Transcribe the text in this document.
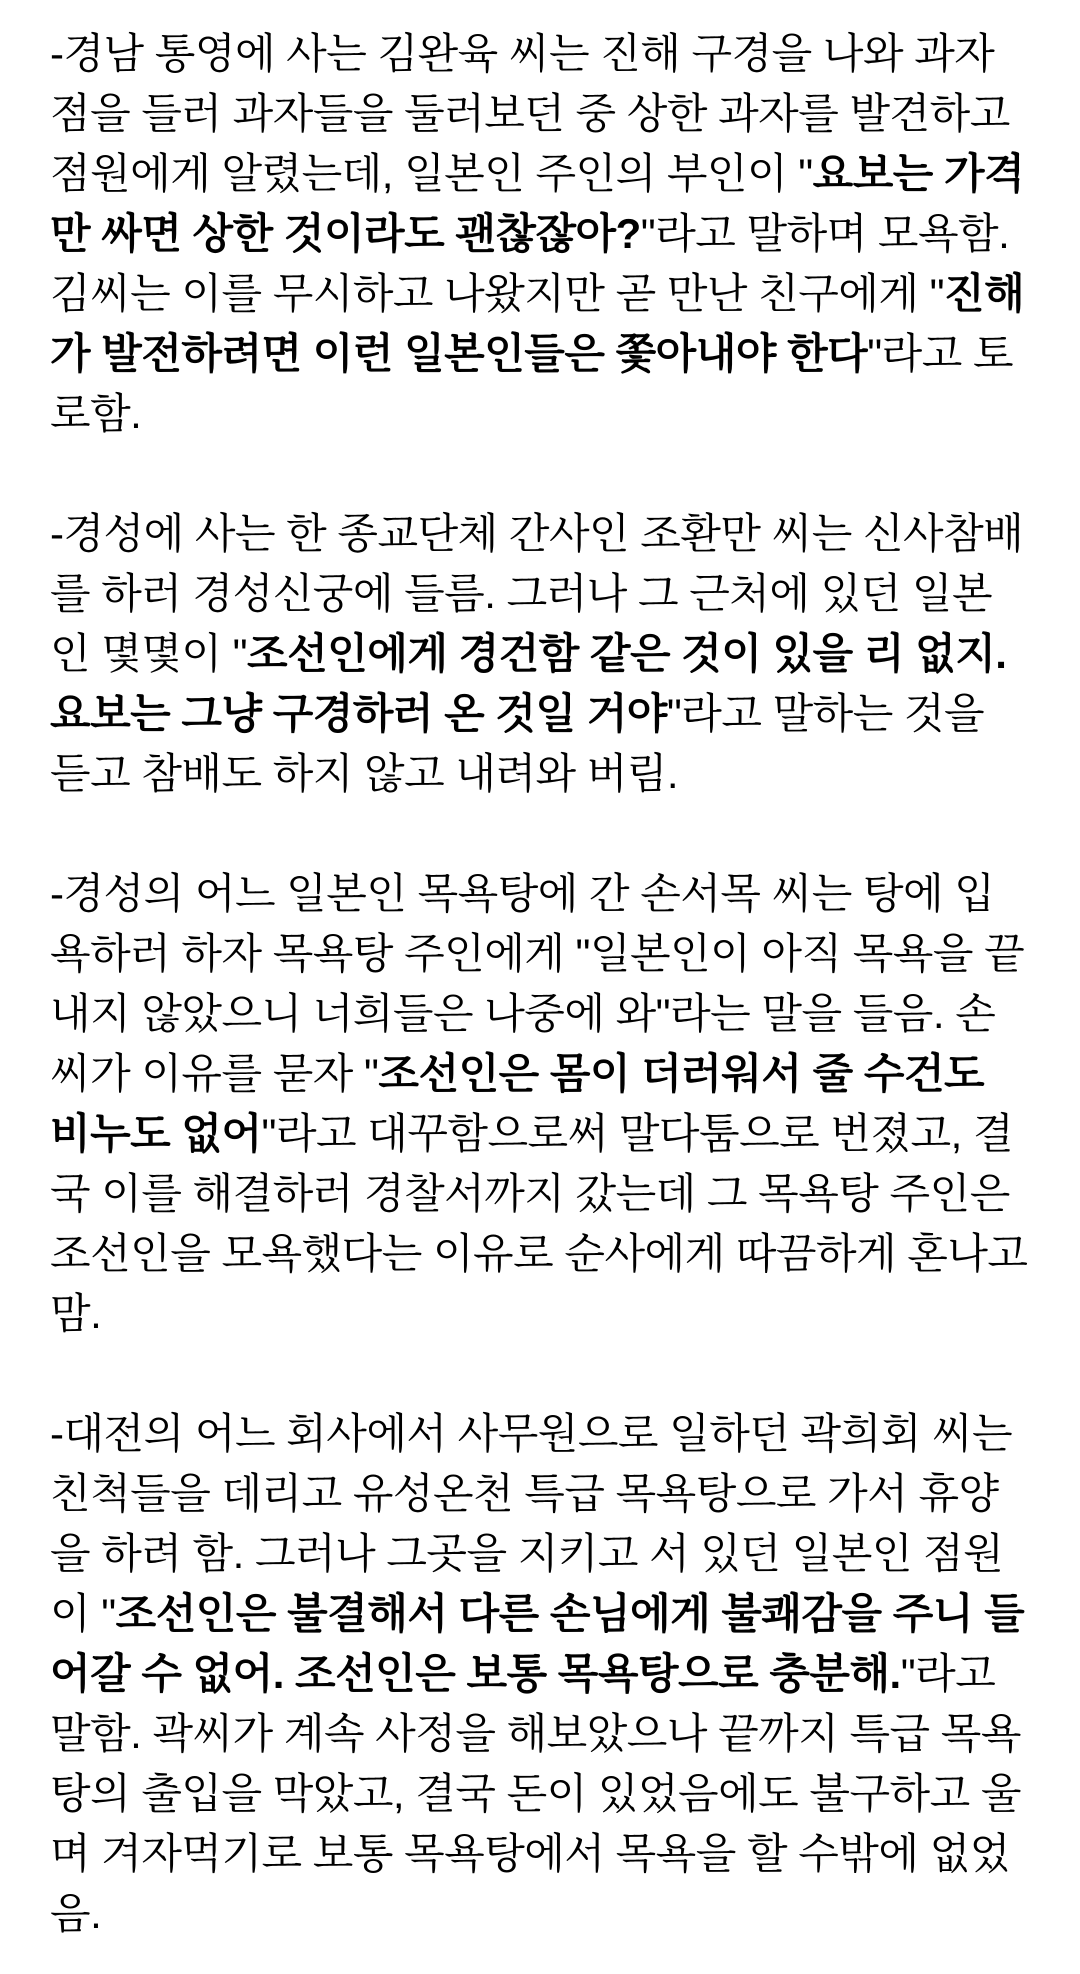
-경남 통영에 사는 김완육 씨는 진해 구경을 나와 과자점을 들러 과자들을 둘러보던 중 상한 과자를 발견하고 점원에게 알렸는데, 일본인 주인의 부인이 "요보는 가격만 싸면 상한 것이라도 괜찮잖아?"라고 말하며 모욕함. 김씨는 이를 무시하고 나왔지만 곧 만난 친구에게 "진해가 발전하려면 이런 일본인들은 쫓아내야 한다"라고 토로함.

-경성에 사는 한 종교단체 간사인 조환만 씨는 신사참배를 하러 경성신궁에 들름. 그러나 그 근처에 있던 일본인 몇몇이 "조선인에게 경건함 같은 것이 있을 리 없지. 요보는 그냥 구경하러 온 것일 거야"라고 말하는 것을 듣고 참배도 하지 않고 내려와 버림.

-경성의 어느 일본인 목욕탕에 간 손서목 씨는 탕에 입욕하러 하자 목욕탕 주인에게 "일본인이 아직 목욕을 끝내지 않았으니 너희들은 나중에 와"라는 말을 들음. 손씨가 이유를 묻자 "조선인은 몸이 더러워서 줄 수건도 비누도 없어"라고 대꾸함으로써 말다툼으로 번졌고, 결국 이를 해결하러 경찰서까지 갔는데 그 목욕탕 주인은 조선인을 모욕했다는 이유로 순사에게 따끔하게 혼나고 맘.

-대전의 어느 회사에서 사무원으로 일하던 곽희회 씨는 친척들을 데리고 유성온천 특급 목욕탕으로 가서 휴양을 하려 함. 그러나 그곳을 지키고 서 있던 일본인 점원이 "조선인은 불결해서 다른 손님에게 불쾌감을 주니 들어갈 수 없어. 조선인은 보통 목욕탕으로 충분해."라고 말함. 곽씨가 계속 사정을 해보았으나 끝까지 특급 목욕탕의 출입을 막았고, 결국 돈이 있었음에도 불구하고 울며 겨자먹기로 보통 목욕탕에서 목욕을 할 수밖에 없었음.
